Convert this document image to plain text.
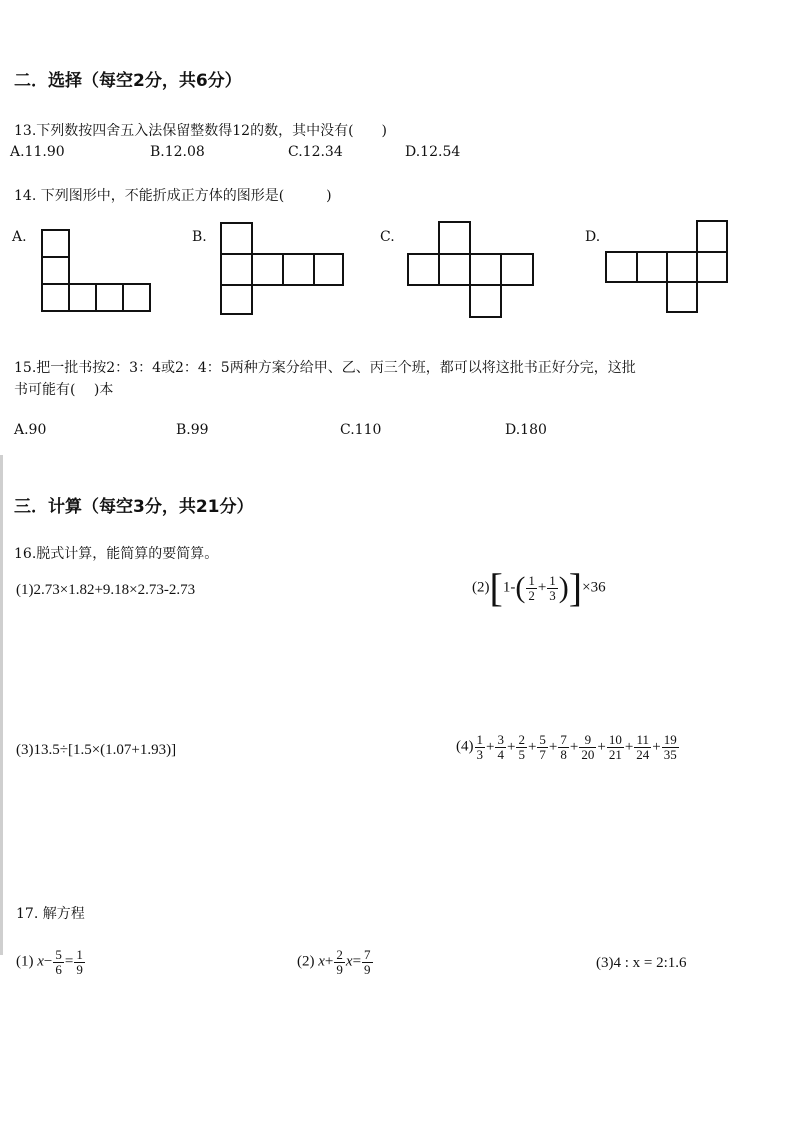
二．选择（每空2分，共6分）
13.下列数按四舍五入法保留整数得12的数，其中没有(　　)
A.11.90	B.12.08	C.12.34	D.12.54
14. 下列图形中，不能折成正方体的图形是(　　　)
A.	B.	C.	D.
15.把一批书按2：3：4或2：4：5两种方案分给甲、乙、丙三个班，都可以将这批书正好分完，这批
书可能有(　 )本
A.90	B.99	C.110	D.180
三．计算（每空3分，共21分）
16.脱式计算，能简算的要简算。
(1)2.73×1.82+9.18×2.73-2.73	$(2)[1-( \frac{1}{2} + \frac{1}{3} )]\times 36$
(3)13.5÷[1.5×(1.07+1.93)]	$(4) \frac{1}{3} + \frac{3}{4} + \frac{2}{5} + \frac{5}{7} + \frac{7}{8} + \frac{9}{20} + \frac{10}{21} + \frac{11}{24} + \frac{19}{35}$
17. 解方程
(1) $x- \frac{5}{6} = \frac{1}{9}$	(2) $x+ \frac{2}{9} x= \frac{7}{9}$	(3)4 : x = 2:1.6
